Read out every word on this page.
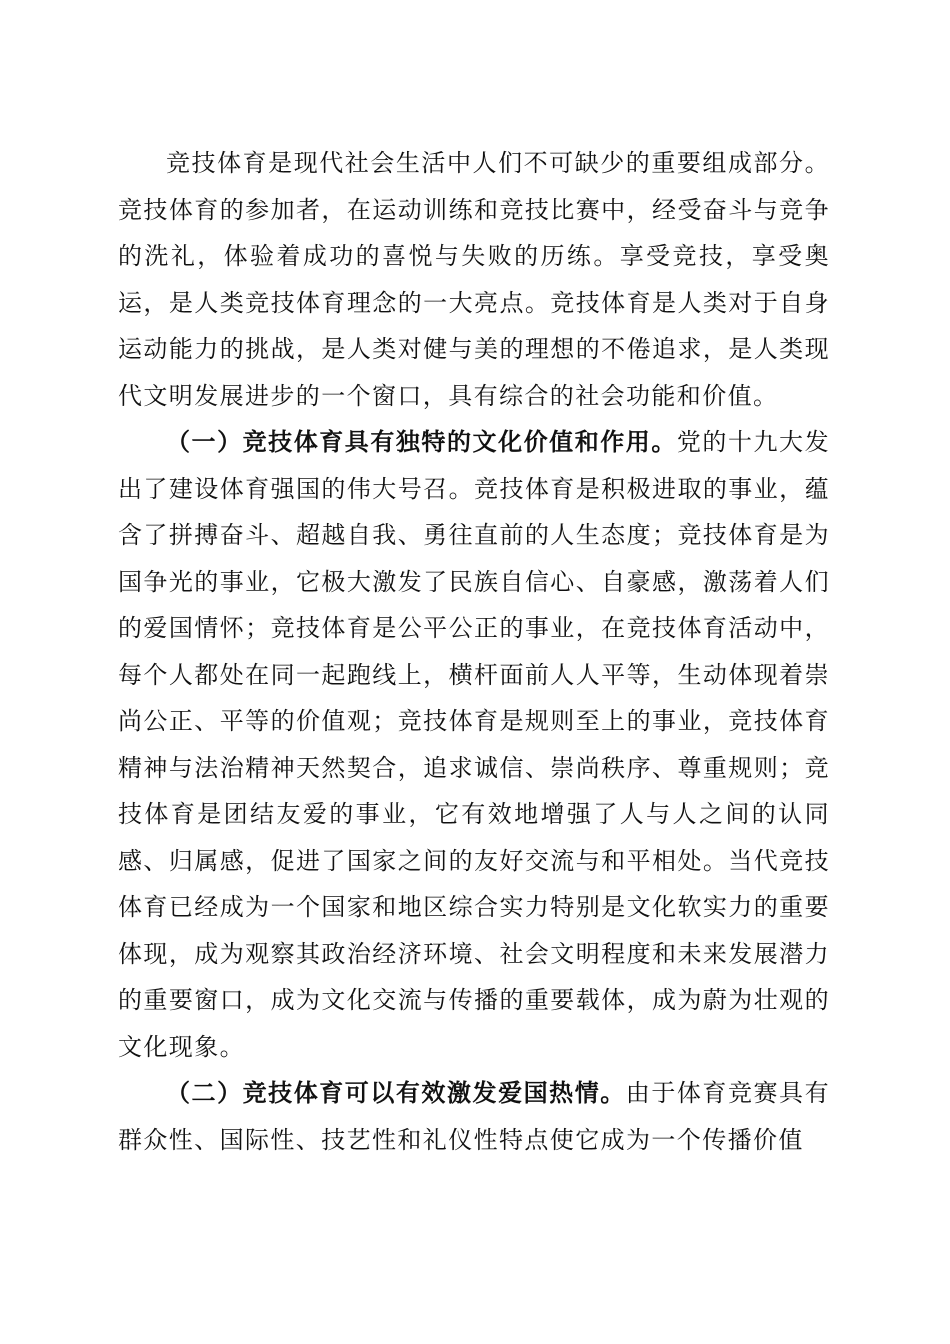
竞技体育是现代社会生活中人们不可缺少的重要组成部分。竞技体育的参加者，在运动训练和竞技比赛中，经受奋斗与竞争的洗礼，体验着成功的喜悦与失败的历练。享受竞技，享受奥运，是人类竞技体育理念的一大亮点。竞技体育是人类对于自身运动能力的挑战，是人类对健与美的理想的不倦追求，是人类现代文明发展进步的一个窗口，具有综合的社会功能和价值。

（一）竞技体育具有独特的文化价值和作用。党的十九大发出了建设体育强国的伟大号召。竞技体育是积极进取的事业，蕴含了拼搏奋斗、超越自我、勇往直前的人生态度；竞技体育是为国争光的事业，它极大激发了民族自信心、自豪感，激荡着人们的爱国情怀；竞技体育是公平公正的事业，在竞技体育活动中，每个人都处在同一起跑线上，横杆面前人人平等，生动体现着崇尚公正、平等的价值观；竞技体育是规则至上的事业，竞技体育精神与法治精神天然契合，追求诚信、崇尚秩序、尊重规则；竞技体育是团结友爱的事业，它有效地增强了人与人之间的认同感、归属感，促进了国家之间的友好交流与和平相处。当代竞技体育已经成为一个国家和地区综合实力特别是文化软实力的重要体现，成为观察其政治经济环境、社会文明程度和未来发展潜力的重要窗口，成为文化交流与传播的重要载体，成为蔚为壮观的文化现象。

（二）竞技体育可以有效激发爱国热情。由于体育竞赛具有群众性、国际性、技艺性和礼仪性特点使它成为一个传播价值
